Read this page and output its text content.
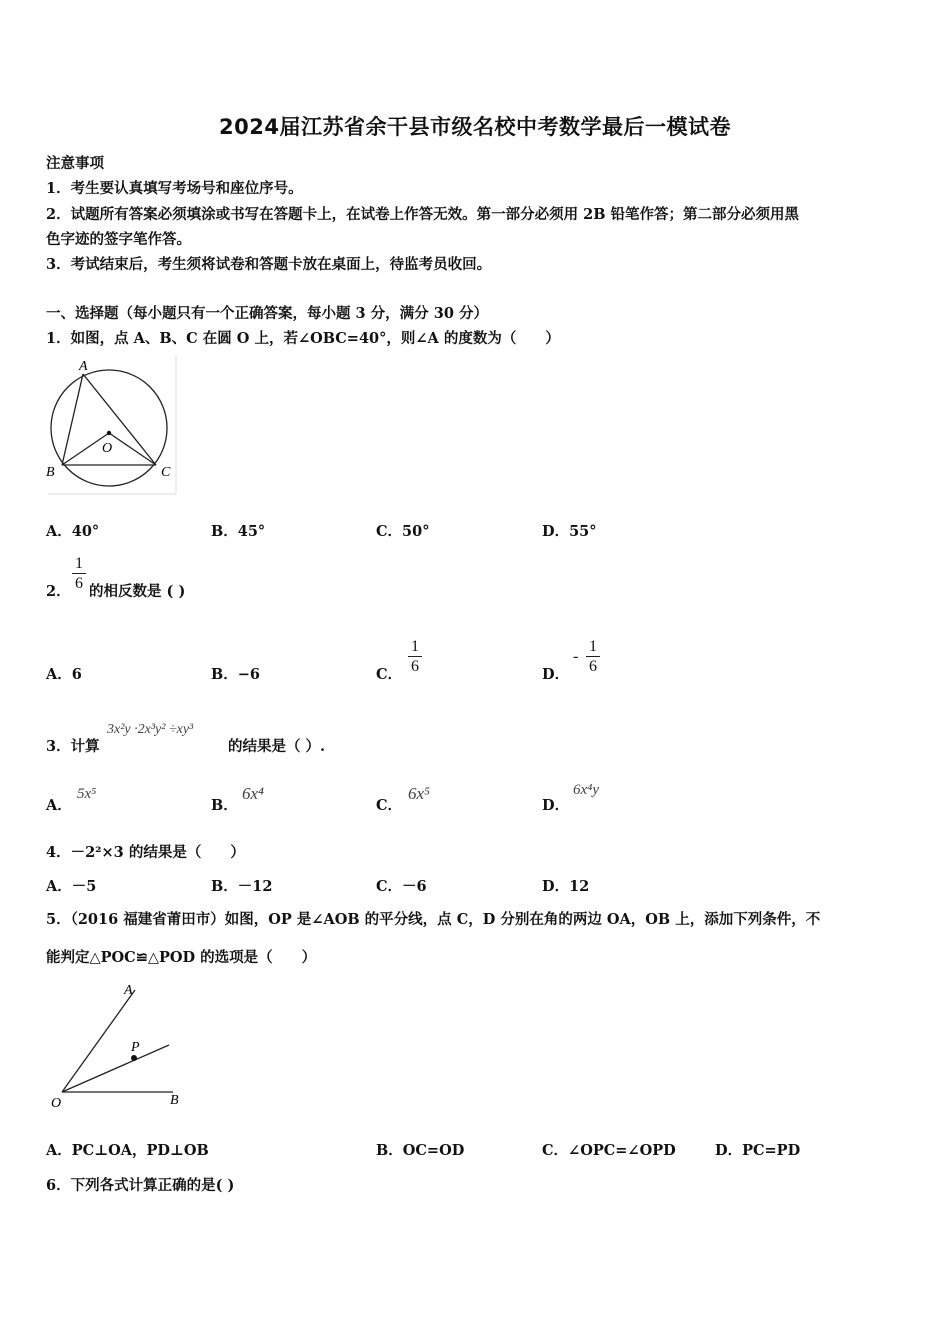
2024届江苏省余干县市级名校中考数学最后一模试卷
注意事项
1．考生要认真填写考场号和座位序号。
2．试题所有答案必须填涂或书写在答题卡上，在试卷上作答无效。第一部分必须用 2B 铅笔作答；第二部分必须用黑
色字迹的签字笔作答。
3．考试结束后，考生须将试卷和答题卡放在桌面上，待监考员收回。
一、选择题（每小题只有一个正确答案，每小题 3 分，满分 30 分）
1．如图，点 A、B、C 在圆 O 上，若∠OBC=40°，则∠A 的度数为（　　）
A
B	C
O
A．40°	B．45°	C．50°	D．55°
2．
1
6 的相反数是 ( )
A．6	B．−6	C．
1
6	D．
-
1
6
3．计算
3x²y ·2x³y² ÷xy³
的结果是（ ）.
A．
5x⁵
B．
6x⁴
C．
6x⁵
D．
6x⁴y
4．－2²×3 的结果是（　　）
A．－5	B．－12	C．－6	D．12
5．（2016 福建省莆田市）如图，OP 是∠AOB 的平分线，点 C，D 分别在角的两边 OA，OB 上，添加下列条件，不
能判定△POC≌△POD 的选项是（　　）
A
P
O	B
A．PC⊥OA，PD⊥OB	B．OC=OD	C．∠OPC=∠OPD	D．PC=PD
6．下列各式计算正确的是( )
